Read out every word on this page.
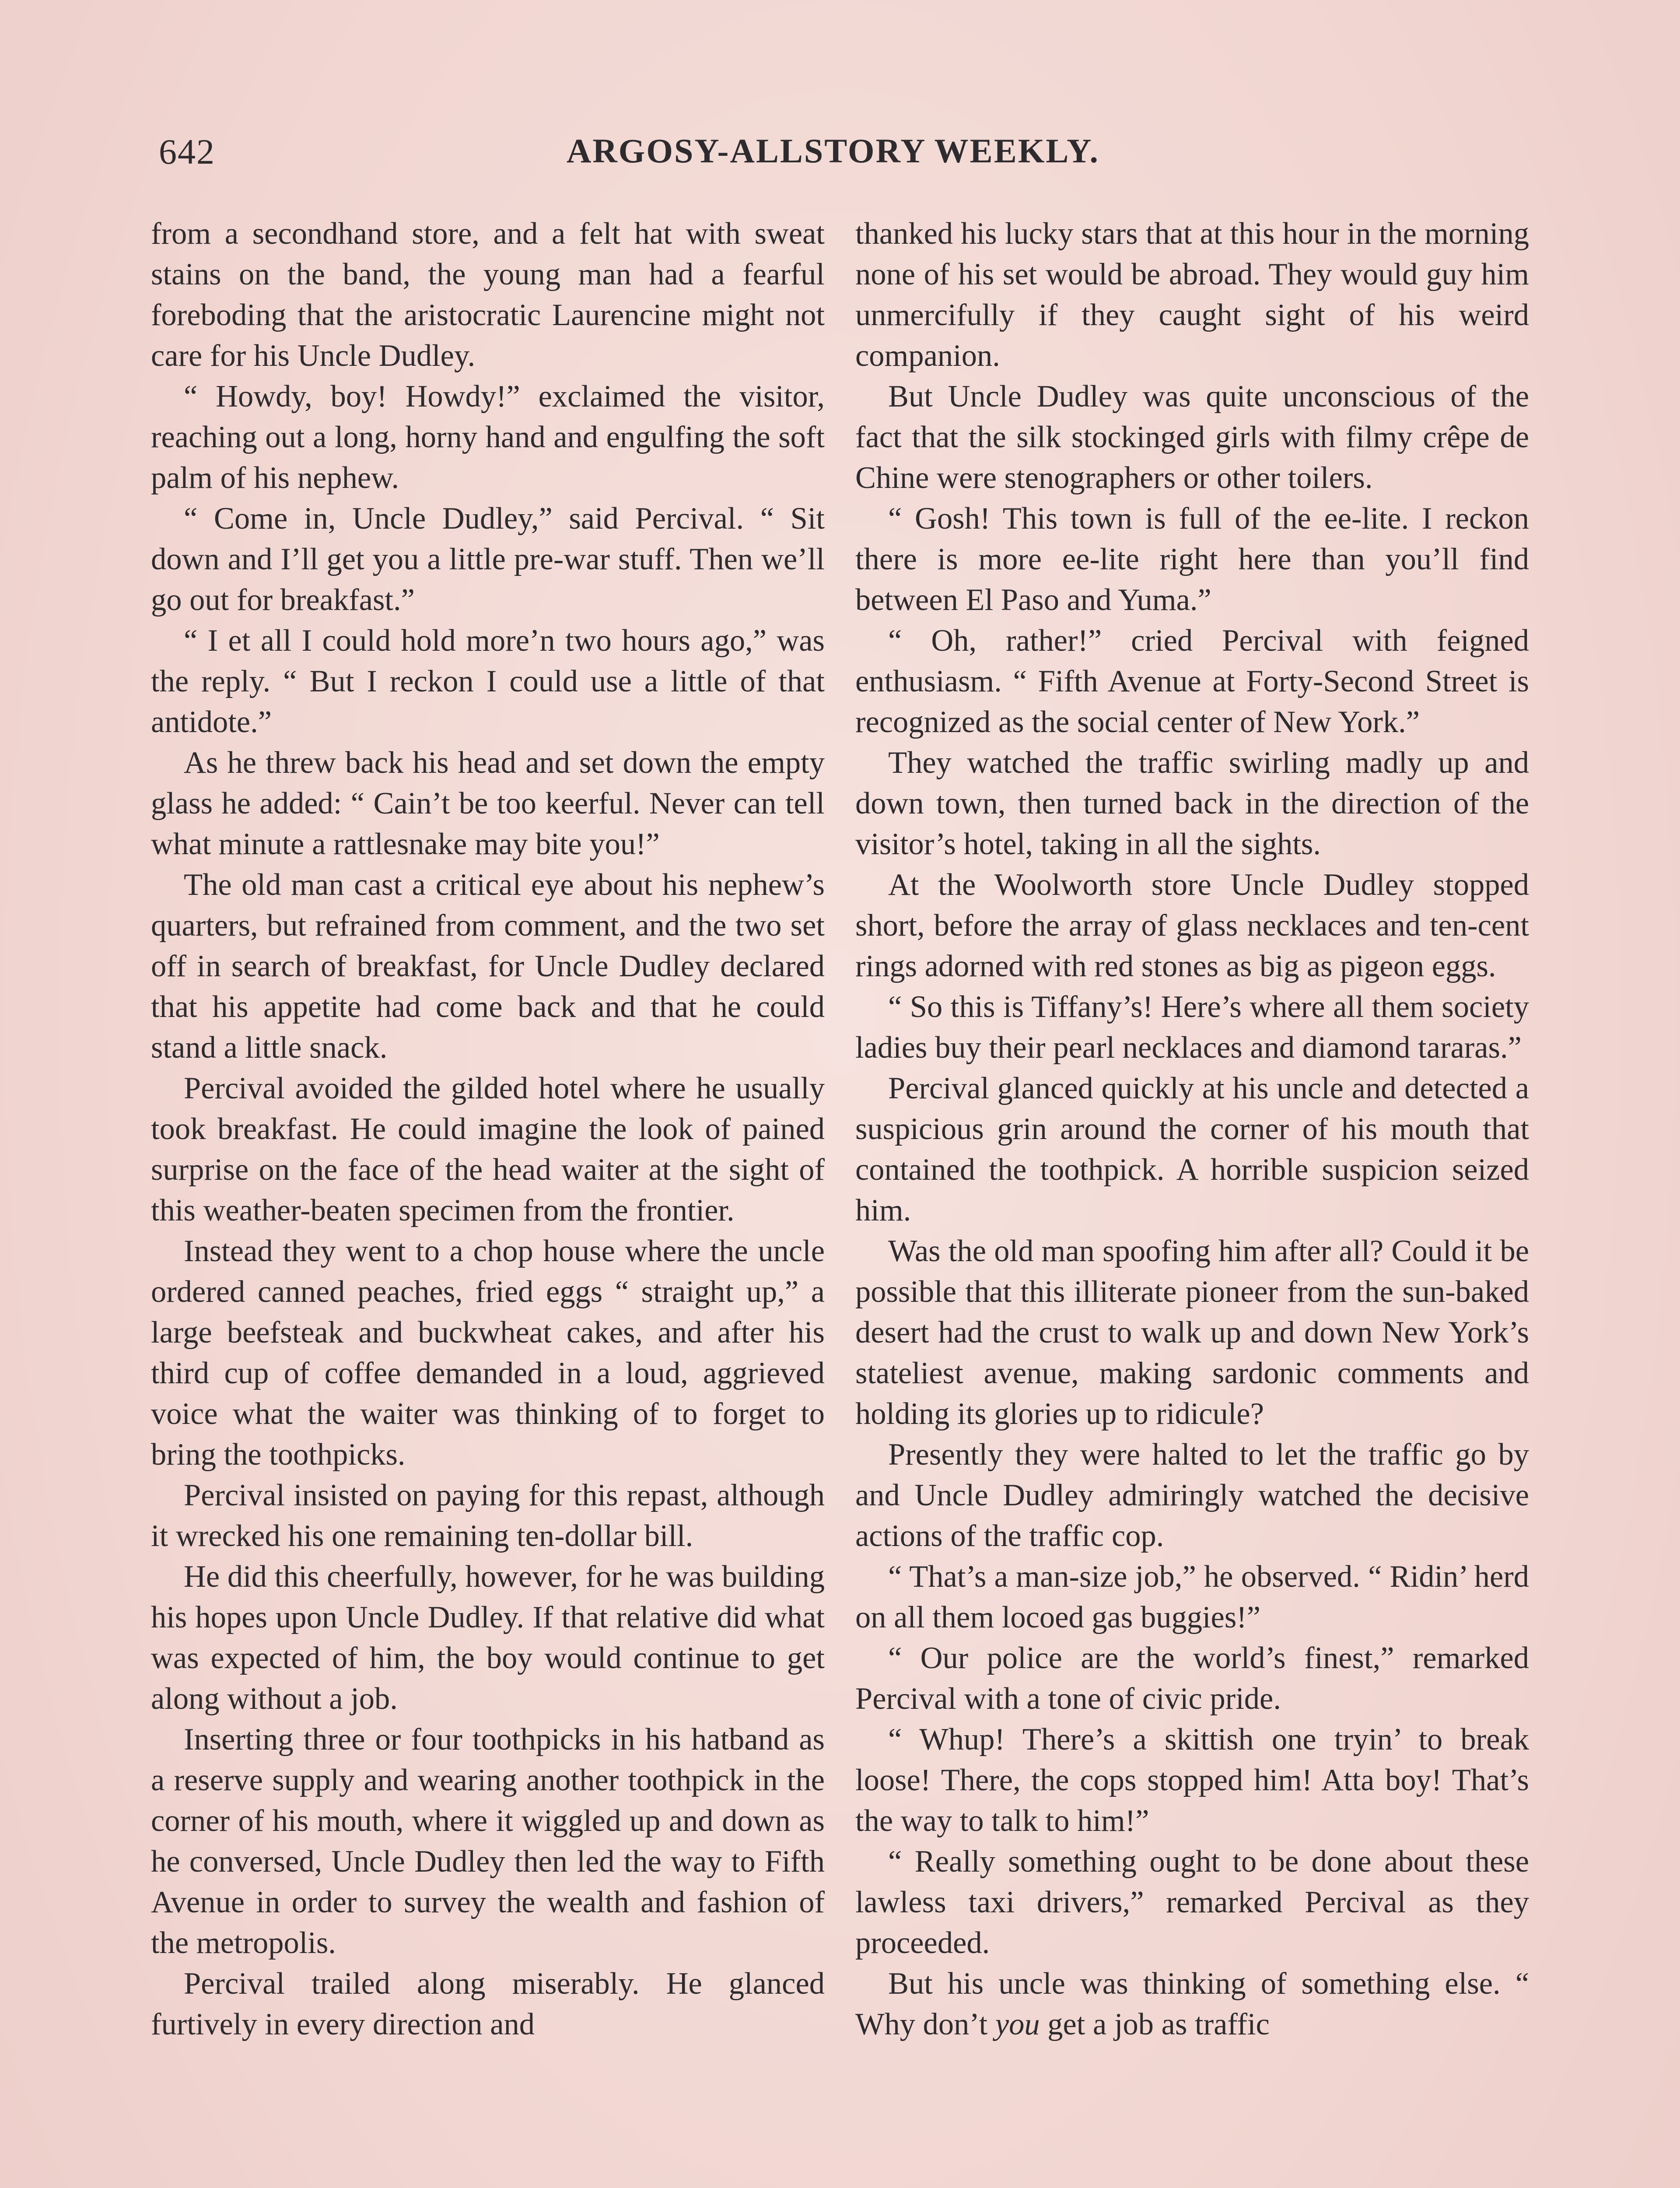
642	ARGOSY-ALLSTORY WEEKLY.

from a secondhand store, and a felt hat with sweat stains on the band, the young man had a fearful foreboding that the aristocratic Laurencine might not care for his Uncle Dudley.

“ Howdy, boy! Howdy!” exclaimed the visitor, reaching out a long, horny hand and engulfing the soft palm of his nephew.

“ Come in, Uncle Dudley,” said Percival. “ Sit down and I’ll get you a little pre-war stuff. Then we’ll go out for breakfast.”

“ I et all I could hold more’n two hours ago,” was the reply. “ But I reckon I could use a little of that antidote.”

As he threw back his head and set down the empty glass he added: “ Cain’t be too keerful. Never can tell what minute a rattlesnake may bite you!”

The old man cast a critical eye about his nephew’s quarters, but refrained from comment, and the two set off in search of breakfast, for Uncle Dudley declared that his appetite had come back and that he could stand a little snack.

Percival avoided the gilded hotel where he usually took breakfast. He could imagine the look of pained surprise on the face of the head waiter at the sight of this weather-beaten specimen from the frontier.

Instead they went to a chop house where the uncle ordered canned peaches, fried eggs “ straight up,” a large beefsteak and buckwheat cakes, and after his third cup of coffee demanded in a loud, aggrieved voice what the waiter was thinking of to forget to bring the toothpicks.

Percival insisted on paying for this repast, although it wrecked his one remaining ten-dollar bill.

He did this cheerfully, however, for he was building his hopes upon Uncle Dudley. If that relative did what was expected of him, the boy would continue to get along without a job.

Inserting three or four toothpicks in his hatband as a reserve supply and wearing another toothpick in the corner of his mouth, where it wiggled up and down as he conversed, Uncle Dudley then led the way to Fifth Avenue in order to survey the wealth and fashion of the metropolis.

Percival trailed along miserably. He glanced furtively in every direction and

thanked his lucky stars that at this hour in the morning none of his set would be abroad. They would guy him unmercifully if they caught sight of his weird companion.

But Uncle Dudley was quite unconscious of the fact that the silk stockinged girls with filmy crêpe de Chine were stenographers or other toilers.

“ Gosh! This town is full of the ee-lite. I reckon there is more ee-lite right here than you’ll find between El Paso and Yuma.”

“ Oh, rather!” cried Percival with feigned enthusiasm. “ Fifth Avenue at Forty-Second Street is recognized as the social center of New York.”

They watched the traffic swirling madly up and down town, then turned back in the direction of the visitor’s hotel, taking in all the sights.

At the Woolworth store Uncle Dudley stopped short, before the array of glass necklaces and ten-cent rings adorned with red stones as big as pigeon eggs.

“ So this is Tiffany’s! Here’s where all them society ladies buy their pearl necklaces and diamond tararas.”

Percival glanced quickly at his uncle and detected a suspicious grin around the corner of his mouth that contained the toothpick. A horrible suspicion seized him.

Was the old man spoofing him after all? Could it be possible that this illiterate pioneer from the sun-baked desert had the crust to walk up and down New York’s stateliest avenue, making sardonic comments and holding its glories up to ridicule?

Presently they were halted to let the traffic go by and Uncle Dudley admiringly watched the decisive actions of the traffic cop.

“ That’s a man-size job,” he observed. “ Ridin’ herd on all them locoed gas buggies!”

“ Our police are the world’s finest,” remarked Percival with a tone of civic pride.

“ Whup! There’s a skittish one tryin’ to break loose! There, the cops stopped him! Atta boy! That’s the way to talk to him!”

“ Really something ought to be done about these lawless taxi drivers,” remarked Percival as they proceeded.

But his uncle was thinking of something else. “ Why don’t you get a job as traffic
